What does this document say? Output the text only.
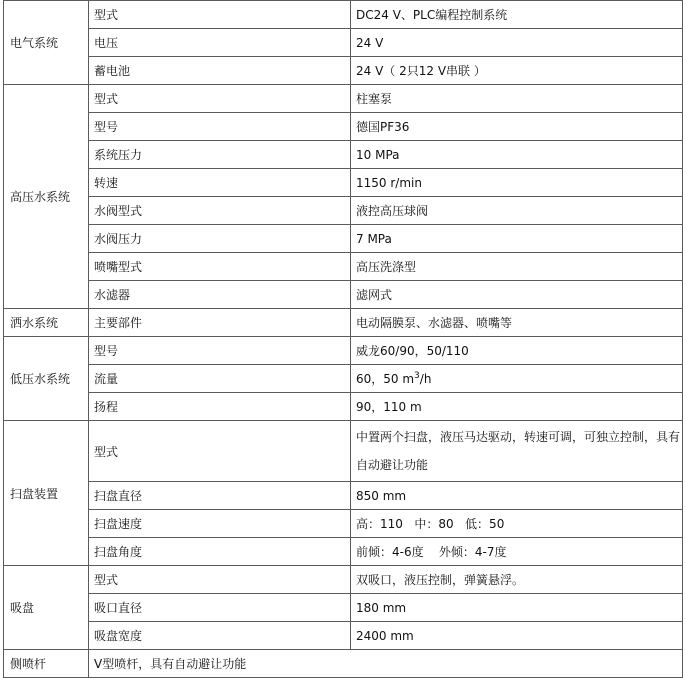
电气系统	型式	DC24 V、PLC编程控制系统
	电压	24 V
	蓄电池	24 V（ 2只12 V串联 ）
高压水系统	型式	柱塞泵
	型号	德国PF36
	系统压力	10 MPa
	转速	1150 r/min
	水阀型式	液控高压球阀
	水阀压力	7 MPa
	喷嘴型式	高压洗涤型
	水滤器	滤网式
洒水系统	主要部件	电动隔膜泵、水滤器、喷嘴等
低压水系统	型号	威龙60/90，50/110
	流量	60，50 $m^3/h$
	扬程	90，110 m
扫盘装置	型式	中置两个扫盘，液压马达驱动，转速可调，可独立控制，具有自动避让功能
	扫盘直径	850 mm
	扫盘速度	高：110   中：80   低：50
	扫盘角度	前倾：4-6度    外倾：4-7度
吸盘	型式	双吸口，液压控制，弹簧悬浮。
	吸口直径	180 mm
	吸盘宽度	2400 mm
侧喷杆	V型喷杆，具有自动避让功能	
